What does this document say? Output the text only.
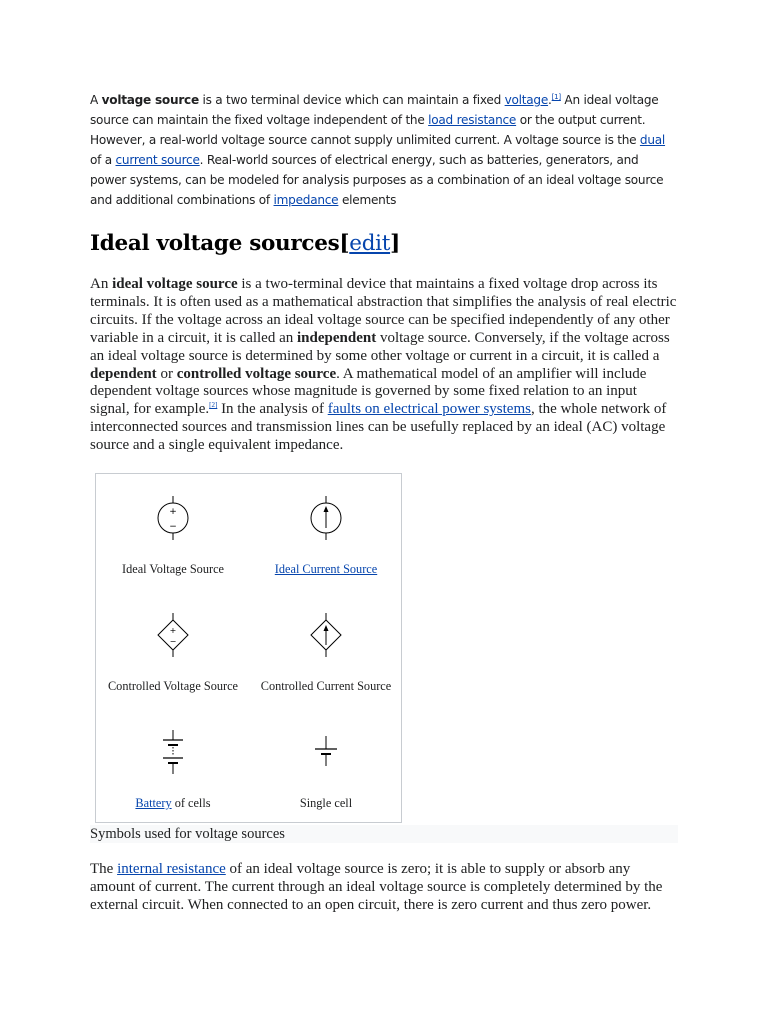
A voltage source is a two terminal device which can maintain a fixed voltage.[1] An ideal voltage source can maintain the fixed voltage independent of the load resistance or the output current. However, a real-world voltage source cannot supply unlimited current. A voltage source is the dual of a current source. Real-world sources of electrical energy, such as batteries, generators, and power systems, can be modeled for analysis purposes as a combination of an ideal voltage source and additional combinations of impedance elements
Ideal voltage sources[edit]
An ideal voltage source is a two-terminal device that maintains a fixed voltage drop across its terminals. It is often used as a mathematical abstraction that simplifies the analysis of real electric circuits. If the voltage across an ideal voltage source can be specified independently of any other variable in a circuit, it is called an independent voltage source. Conversely, if the voltage across an ideal voltage source is determined by some other voltage or current in a circuit, it is called a dependent or controlled voltage source. A mathematical model of an amplifier will include dependent voltage sources whose magnitude is governed by some fixed relation to an input signal, for example.[2] In the analysis of faults on electrical power systems, the whole network of interconnected sources and transmission lines can be usefully replaced by an ideal (AC) voltage source and a single equivalent impedance.
+
−
Ideal Voltage Source	Ideal Current Source
+
−
Controlled Voltage Source	Controlled Current Source
Battery of cells	Single cell
Symbols used for voltage sources
The internal resistance of an ideal voltage source is zero; it is able to supply or absorb any amount of current. The current through an ideal voltage source is completely determined by the external circuit. When connected to an open circuit, there is zero current and thus zero power.
